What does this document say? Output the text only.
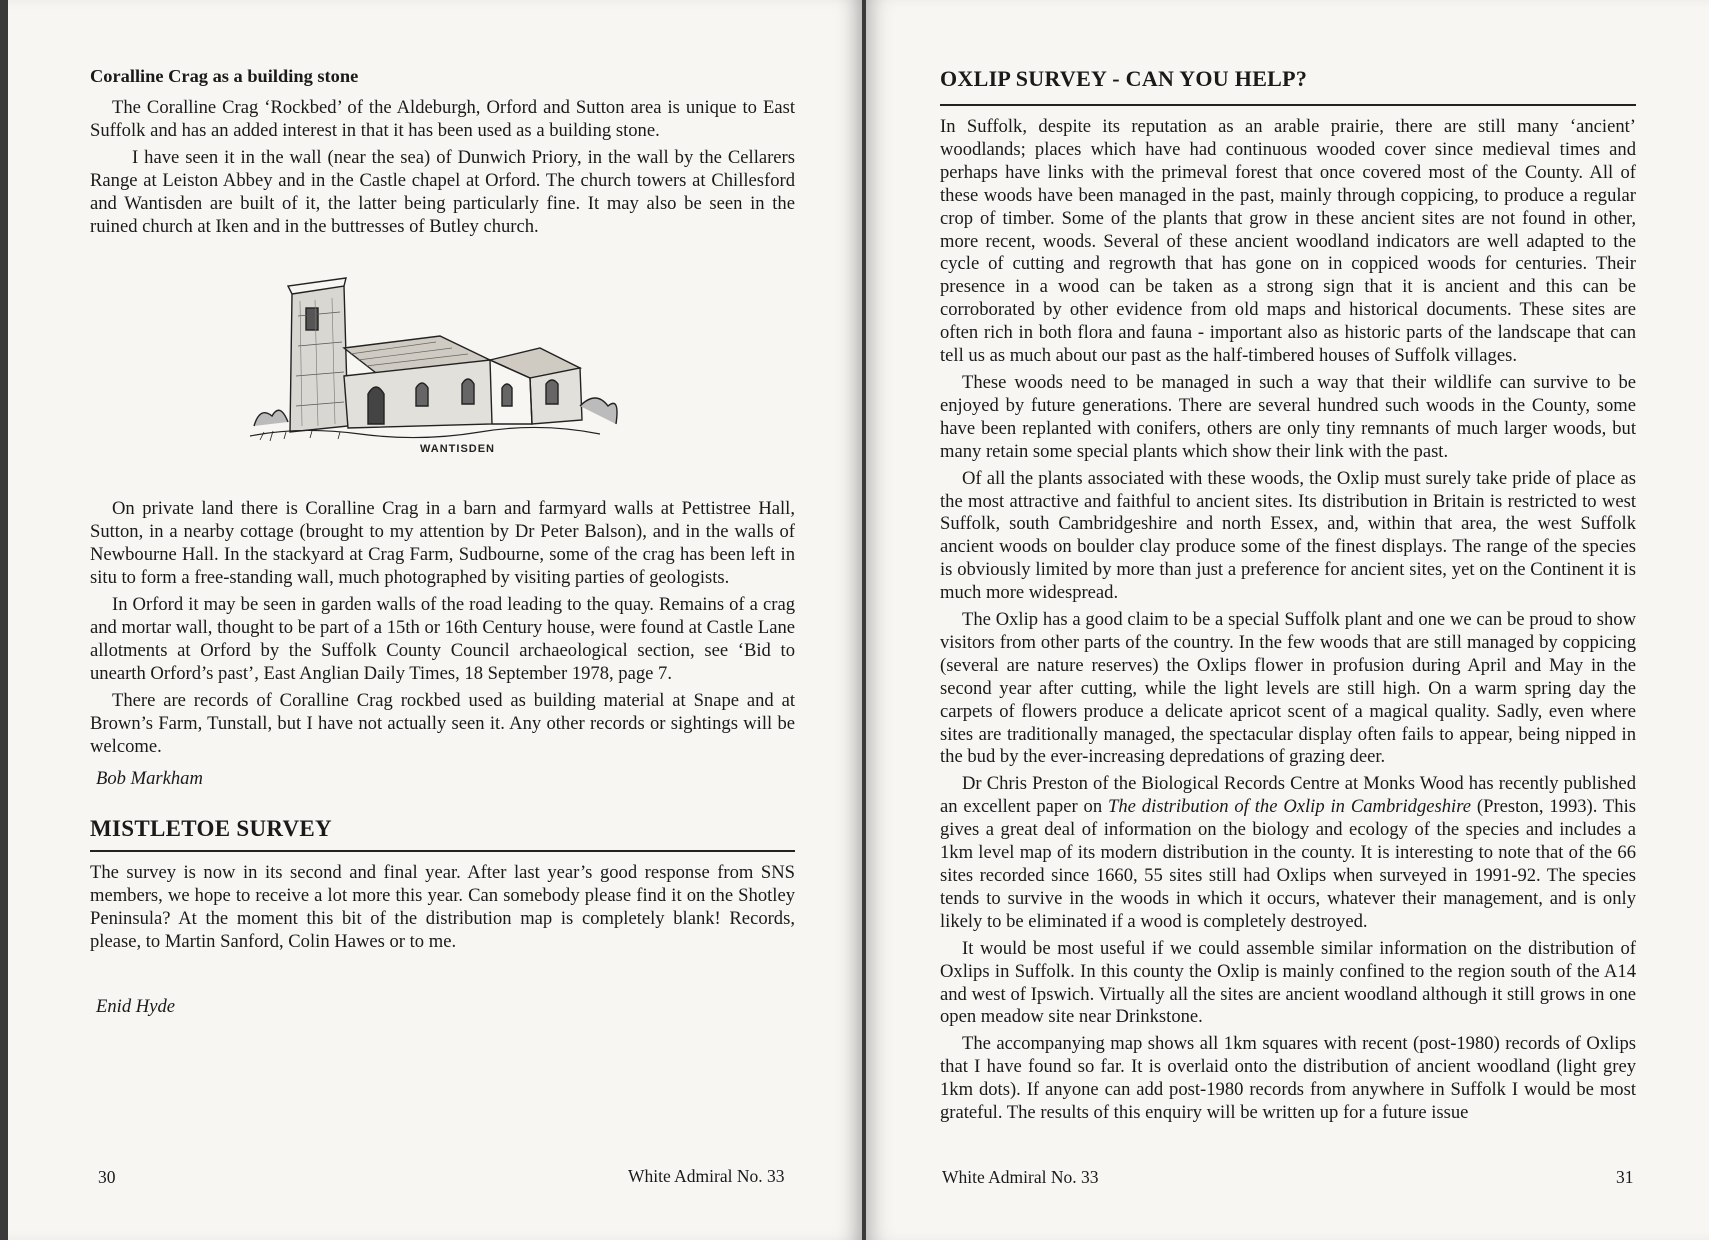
Coralline Crag as a building stone

The Coralline Crag ‘Rockbed’ of the Aldeburgh, Orford and Sutton area is unique to East Suffolk and has an added interest in that it has been used as a building stone.

I have seen it in the wall (near the sea) of Dunwich Priory, in the wall by the Cellarers Range at Leiston Abbey and in the Castle chapel at Orford. The church towers at Chillesford and Wantisden are built of it, the latter being particularly fine. It may also be seen in the ruined church at Iken and in the buttresses of Butley church.

WANTISDEN

On private land there is Coralline Crag in a barn and farmyard walls at Pettistree Hall, Sutton, in a nearby cottage (brought to my attention by Dr Peter Balson), and in the walls of Newbourne Hall. In the stackyard at Crag Farm, Sudbourne, some of the crag has been left in situ to form a free-standing wall, much photographed by visiting parties of geologists.

In Orford it may be seen in garden walls of the road leading to the quay. Remains of a crag and mortar wall, thought to be part of a 15th or 16th Century house, were found at Castle Lane allotments at Orford by the Suffolk County Council archaeological section, see ‘Bid to unearth Orford’s past’, East Anglian Daily Times, 18 September 1978, page 7.

There are records of Coralline Crag rockbed used as building material at Snape and at Brown’s Farm, Tunstall, but I have not actually seen it. Any other records or sightings will be welcome.

Bob Markham
MISTLETOE SURVEY

The survey is now in its second and final year. After last year’s good response from SNS members, we hope to receive a lot more this year. Can somebody please find it on the Shotley Peninsula? At the moment this bit of the distribution map is completely blank! Records, please, to Martin Sanford, Colin Hawes or to me.

Enid Hyde
30	White Admiral No. 33
OXLIP SURVEY - CAN YOU HELP?

In Suffolk, despite its reputation as an arable prairie, there are still many ‘ancient’ woodlands; places which have had continuous wooded cover since medieval times and perhaps have links with the primeval forest that once covered most of the County. All of these woods have been managed in the past, mainly through coppicing, to produce a regular crop of timber. Some of the plants that grow in these ancient sites are not found in other, more recent, woods. Several of these ancient woodland indicators are well adapted to the cycle of cutting and regrowth that has gone on in coppiced woods for centuries. Their presence in a wood can be taken as a strong sign that it is ancient and this can be corroborated by other evidence from old maps and historical documents. These sites are often rich in both flora and fauna - important also as historic parts of the landscape that can tell us as much about our past as the half-timbered houses of Suffolk villages.

These woods need to be managed in such a way that their wildlife can survive to be enjoyed by future generations. There are several hundred such woods in the County, some have been replanted with conifers, others are only tiny remnants of much larger woods, but many retain some special plants which show their link with the past.

Of all the plants associated with these woods, the Oxlip must surely take pride of place as the most attractive and faithful to ancient sites. Its distribution in Britain is restricted to west Suffolk, south Cambridgeshire and north Essex, and, within that area, the west Suffolk ancient woods on boulder clay produce some of the finest displays. The range of the species is obviously limited by more than just a preference for ancient sites, yet on the Continent it is much more widespread.

The Oxlip has a good claim to be a special Suffolk plant and one we can be proud to show visitors from other parts of the country. In the few woods that are still managed by coppicing (several are nature reserves) the Oxlips flower in profusion during April and May in the second year after cutting, while the light levels are still high. On a warm spring day the carpets of flowers produce a delicate apricot scent of a magical quality. Sadly, even where sites are traditionally managed, the spectacular display often fails to appear, being nipped in the bud by the ever-increasing depredations of grazing deer.

Dr Chris Preston of the Biological Records Centre at Monks Wood has recently published an excellent paper on The distribution of the Oxlip in Cambridgeshire (Preston, 1993). This gives a great deal of information on the biology and ecology of the species and includes a 1km level map of its modern distribution in the county. It is interesting to note that of the 66 sites recorded since 1660, 55 sites still had Oxlips when surveyed in 1991-92. The species tends to survive in the woods in which it occurs, whatever their management, and is only likely to be eliminated if a wood is completely destroyed.

It would be most useful if we could assemble similar information on the distribution of Oxlips in Suffolk. In this county the Oxlip is mainly confined to the region south of the A14 and west of Ipswich. Virtually all the sites are ancient woodland although it still grows in one open meadow site near Drinkstone.

The accompanying map shows all 1km squares with recent (post-1980) records of Oxlips that I have found so far. It is overlaid onto the distribution of ancient woodland (light grey 1km dots). If anyone can add post-1980 records from anywhere in Suffolk I would be most grateful. The results of this enquiry will be written up for a future issue

White Admiral No. 33	31
